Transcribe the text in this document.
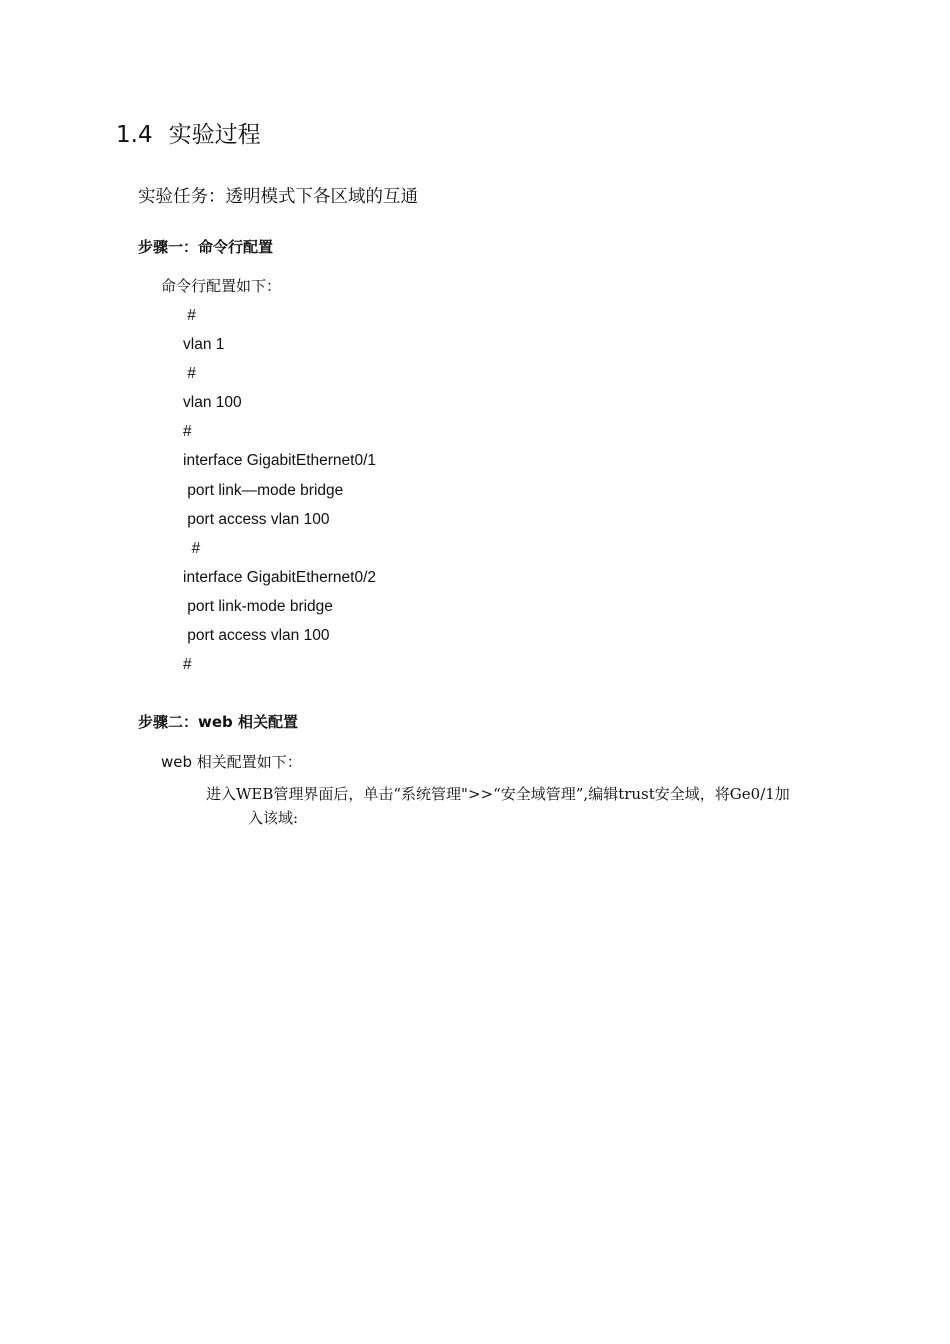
1.4 实验过程
实验任务：透明模式下各区域的互通
步骤一：命令行配置
命令行配置如下：
#
vlan 1
#
vlan 100
#
interface GigabitEthernet0/1
port link—mode bridge
port access vlan 100
#
interface GigabitEthernet0/2
port link-mode bridge
port access vlan 100
#
步骤二：web 相关配置
web 相关配置如下：
进入WEB管理界面后，单击“系统管理">>“安全域管理”,编辑trust安全域，将Ge0/1加
入该域:
